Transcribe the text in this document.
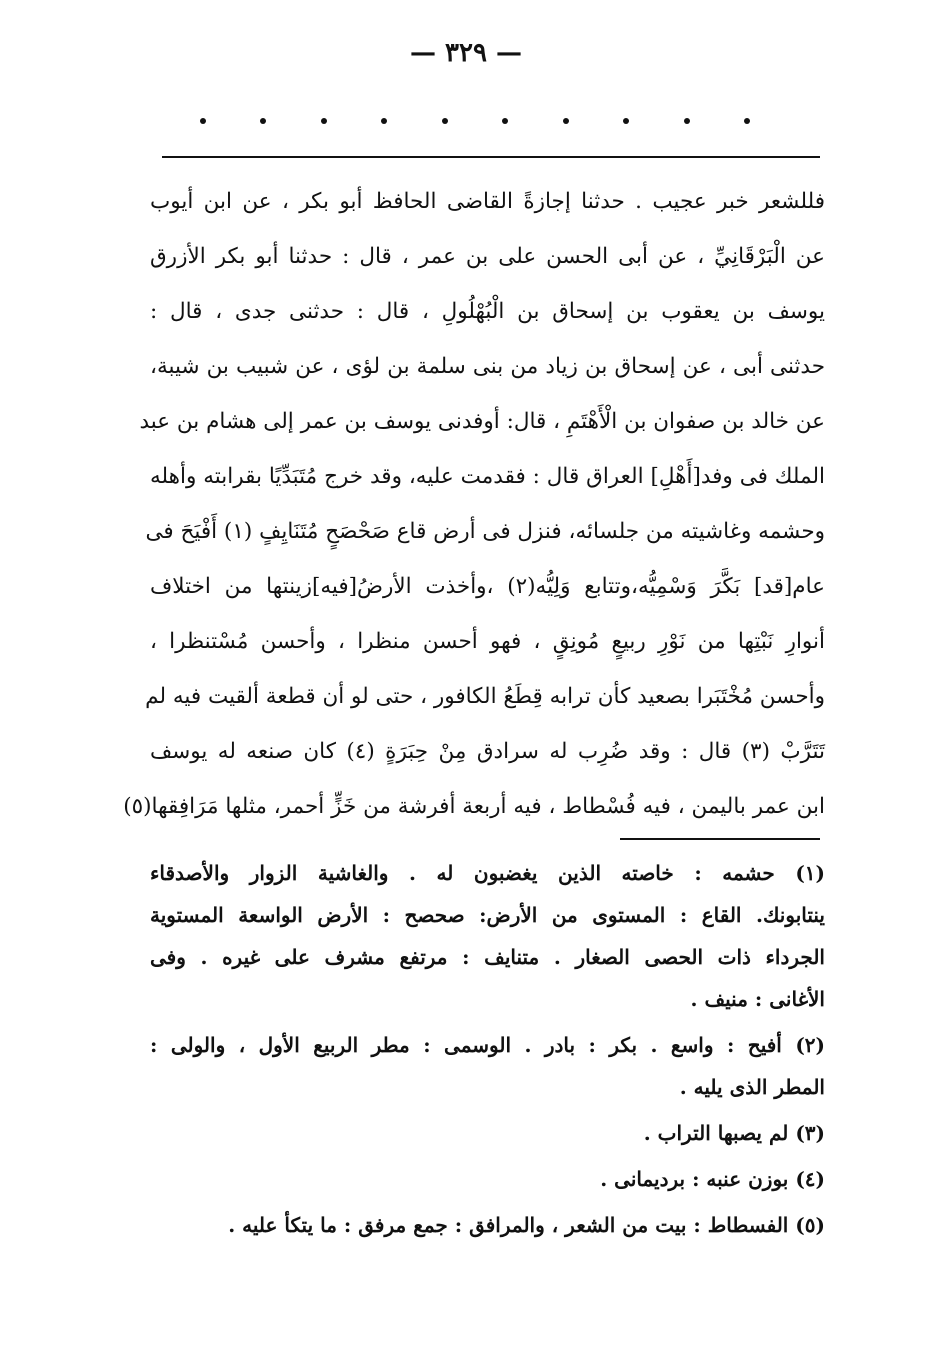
— ٣٢٩ —
فللشعر خبر عجيب . حدثنا إجازةً القاضى الحافظ أبو بكر ، عن ابن أيوب
عن الْبَرْقَانِيِّ ، عن أبى الحسن على بن عمر ، قال : حدثنا أبو بكر الأزرق
يوسف بن يعقوب بن إسحاق بن الْبُهْلُولِ ، قال : حدثنى جدى ، قال :
حدثنى أبى ، عن إسحاق بن زياد من بنى سلمة بن لؤى ، عن شبيب بن شيبة،
عن خالد بن صفوان بن الْأَهْتَمِ ، قال: أوفدنى يوسف بن عمر إلى هشام بن عبد
الملك فى وفد[أَهْلِ] العراق قال : فقدمت عليه، وقد خرج مُتَبَدِّيًا بقرابته وأهله
وحشمه وغاشيته من جلسائه، فنزل فى أرض قاع صَحْصَحٍ مُتَنَايِفٍ (١) أَفْيَحَ فى
عام[قد] بَكَّرَ وَسْمِيُّه،وتتابع وَلِيُّه(٢) ،وأخذت الأرضُ[فيه]زينتها من اختلاف
أنوارِ نَبْتِها من نَوْرِ ربيعٍ مُونِقٍ ، فهو أحسن منظرا ، وأحسن مُسْتنظرا ،
وأحسن مُخْتَبَرا بصعيد كأن ترابه قِطَعُ الكافور ، حتى لو أن قطعة ألقيت فيه لم
تَتَرَّبْ (٣) قال : وقد ضُرِب له سرادق مِنْ حِبَرَةٍ (٤) كان صنعه له يوسف
ابن عمر باليمن ، فيه فُسْطاط ، فيه أربعة أفرشة من خَزٍّ أحمر، مثلها مَرَافِقها(٥)
(١) حشمه : خاصته الذين يغضبون له . والغاشية الزوار والأصدقاء
ينتابونك. القاع : المستوى من الأرض: صحصح : الأرض الواسعة المستوية
الجرداء ذات الحصى الصغار . متنايف : مرتفع مشرف على غيره . وفى
الأغانى : منيف .
(٢) أفيح : واسع . بكر : بادر . الوسمى : مطر الربيع الأول ، والولى :
المطر الذى يليه .
(٣) لم يصبها التراب .
(٤) بوزن عنبه : برديمانى .
(٥) الفسطاط : بيت من الشعر ، والمرافق : جمع مرفق : ما يتكأ عليه .
